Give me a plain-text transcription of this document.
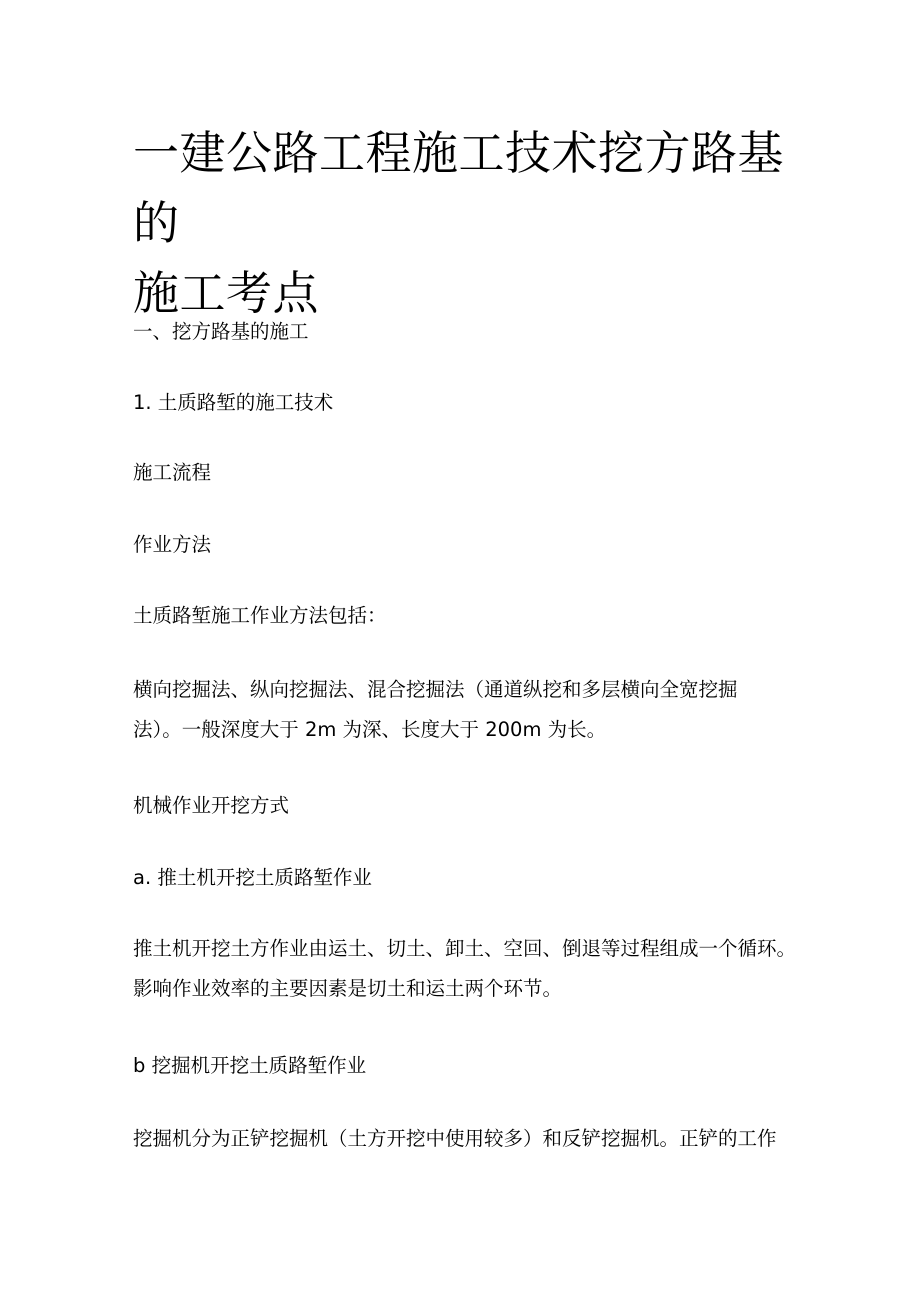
一建公路工程施工技术挖方路基的
施工考点

一、挖方路基的施工

1. 土质路堑的施工技术

施工流程

作业方法

土质路堑施工作业方法包括：

横向挖掘法、纵向挖掘法、混合挖掘法（通道纵挖和多层横向全宽挖掘
法）。一般深度大于 2m 为深、长度大于 200m 为长。

机械作业开挖方式

a. 推土机开挖土质路堑作业

推土机开挖土方作业由运土、切土、卸土、空回、倒退等过程组成一个循环。
影响作业效率的主要因素是切土和运土两个环节。

b 挖掘机开挖土质路堑作业

挖掘机分为正铲挖掘机（土方开挖中使用较多）和反铲挖掘机。正铲的工作
